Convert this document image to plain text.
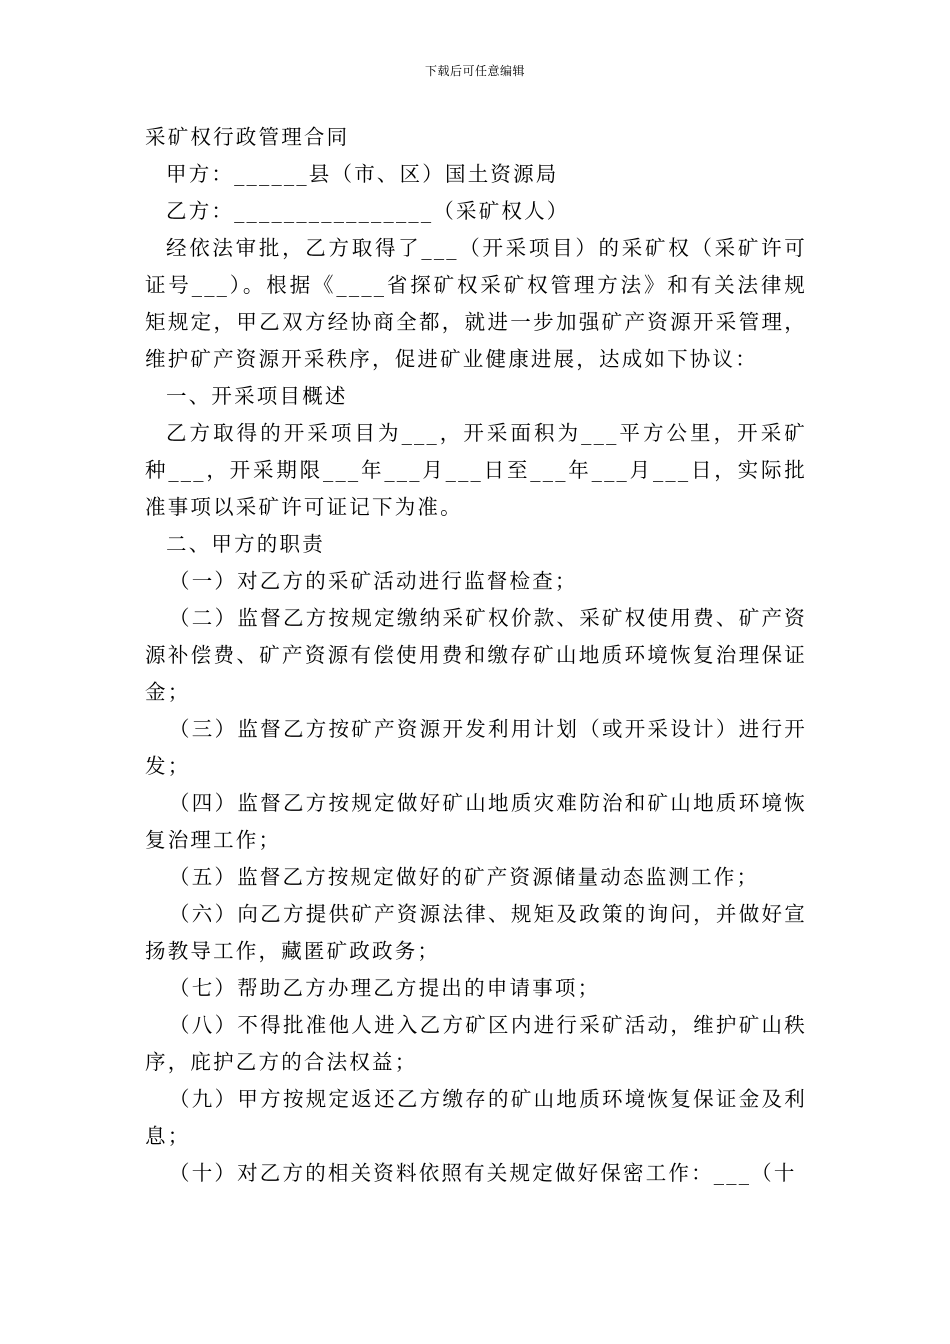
下载后可任意编辑

采矿权行政管理合同

甲方：______县（市、区）国土资源局

乙方：________________（采矿权人）

经依法审批，乙方取得了___（开采项目）的采矿权（采矿许可证号___）。根据《____省探矿权采矿权管理方法》和有关法律规矩规定，甲乙双方经协商全都，就进一步加强矿产资源开采管理，维护矿产资源开采秩序，促进矿业健康进展，达成如下协议：

一、开采项目概述

乙方取得的开采项目为___，开采面积为___平方公里，开采矿种___，开采期限___年___月___日至___年___月___日，实际批准事项以采矿许可证记下为准。

二、甲方的职责

（一）对乙方的采矿活动进行监督检查；

（二）监督乙方按规定缴纳采矿权价款、采矿权使用费、矿产资源补偿费、矿产资源有偿使用费和缴存矿山地质环境恢复治理保证金；

（三）监督乙方按矿产资源开发利用计划（或开采设计）进行开发；

（四）监督乙方按规定做好矿山地质灾难防治和矿山地质环境恢复治理工作；

（五）监督乙方按规定做好的矿产资源储量动态监测工作；

（六）向乙方提供矿产资源法律、规矩及政策的询问，并做好宣扬教导工作，藏匿矿政政务；

（七）帮助乙方办理乙方提出的申请事项；

（八）不得批准他人进入乙方矿区内进行采矿活动，维护矿山秩序，庇护乙方的合法权益；

（九）甲方按规定返还乙方缴存的矿山地质环境恢复保证金及利息；

（十）对乙方的相关资料依照有关规定做好保密工作：___（十
